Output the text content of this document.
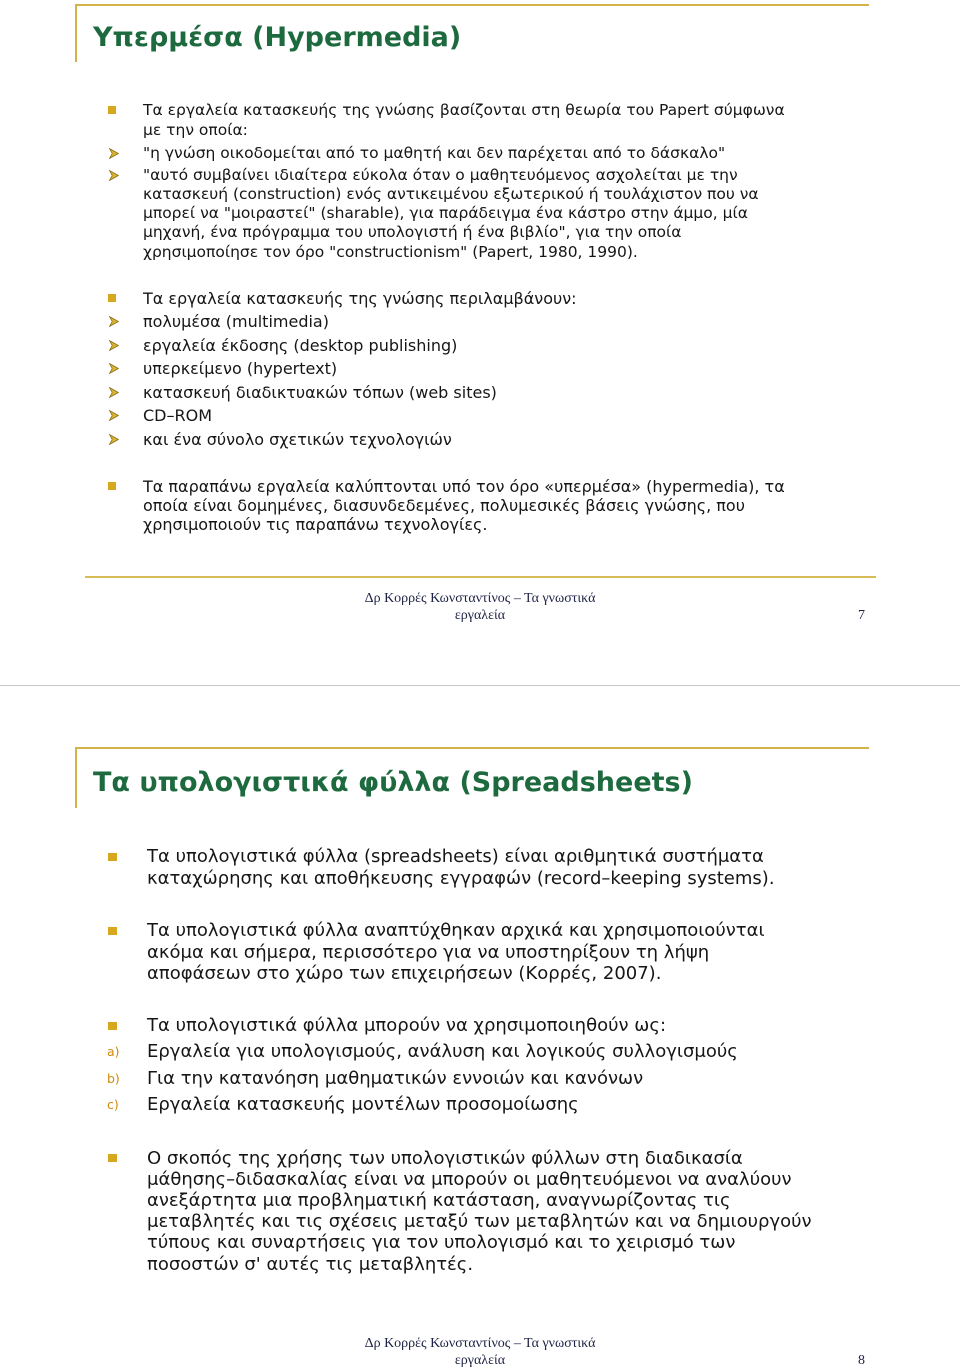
Υπερμέσα (Hypermedia)
Τα εργαλεία κατασκευής της γνώσης βασίζονται στη θεωρία του Papert σύμφωνα
με την οποία:
"η γνώση οικοδομείται από το μαθητή και δεν παρέχεται από το δάσκαλο"
"αυτό συμβαίνει ιδιαίτερα εύκολα όταν ο μαθητευόμενος ασχολείται με την
κατασκευή (construction) ενός αντικειμένου εξωτερικού ή τουλάχιστον που να
μπορεί να "μοιραστεί" (sharable), για παράδειγμα ένα κάστρο στην άμμο, μία
μηχανή, ένα πρόγραμμα του υπολογιστή ή ένα βιβλίο", για την οποία
χρησιμοποίησε τον όρο "constructionism" (Papert, 1980, 1990).
Τα εργαλεία κατασκευής της γνώσης περιλαμβάνουν:
πολυμέσα (multimedia)
εργαλεία έκδοσης (desktop publishing)
υπερκείμενο (hypertext)
κατασκευή διαδικτυακών τόπων (web sites)
CD–ROM
και ένα σύνολο σχετικών τεχνολογιών
Τα παραπάνω εργαλεία καλύπτονται υπό τον όρο «υπερμέσα» (hypermedia), τα
οποία είναι δομημένες, διασυνδεδεμένες, πολυμεσικές βάσεις γνώσης, που
χρησιμοποιούν τις παραπάνω τεχνολογίες.
Δρ Κορρές Κωνσταντίνος – Τα γνωστικά
εργαλεία	7
Τα υπολογιστικά φύλλα (Spreadsheets)
Τα υπολογιστικά φύλλα (spreadsheets) είναι αριθμητικά συστήματα
καταχώρησης και αποθήκευσης εγγραφών (record–keeping systems).
Τα υπολογιστικά φύλλα αναπτύχθηκαν αρχικά και χρησιμοποιούνται
ακόμα και σήμερα, περισσότερο για να υποστηρίξουν τη λήψη
αποφάσεων στο χώρο των επιχειρήσεων (Κορρές, 2007).
Τα υπολογιστικά φύλλα μπορούν να χρησιμοποιηθούν ως:
a) Εργαλεία για υπολογισμούς, ανάλυση και λογικούς συλλογισμούς
b) Για την κατανόηση μαθηματικών εννοιών και κανόνων
c) Εργαλεία κατασκευής μοντέλων προσομοίωσης
Ο σκοπός της χρήσης των υπολογιστικών φύλλων στη διαδικασία
μάθησης–διδασκαλίας είναι να μπορούν οι μαθητευόμενοι να αναλύουν
ανεξάρτητα μια προβληματική κατάσταση, αναγνωρίζοντας τις
μεταβλητές και τις σχέσεις μεταξύ των μεταβλητών και να δημιουργούν
τύπους και συναρτήσεις για τον υπολογισμό και το χειρισμό των
ποσοστών σ' αυτές τις μεταβλητές.
Δρ Κορρές Κωνσταντίνος – Τα γνωστικά
εργαλεία	8
